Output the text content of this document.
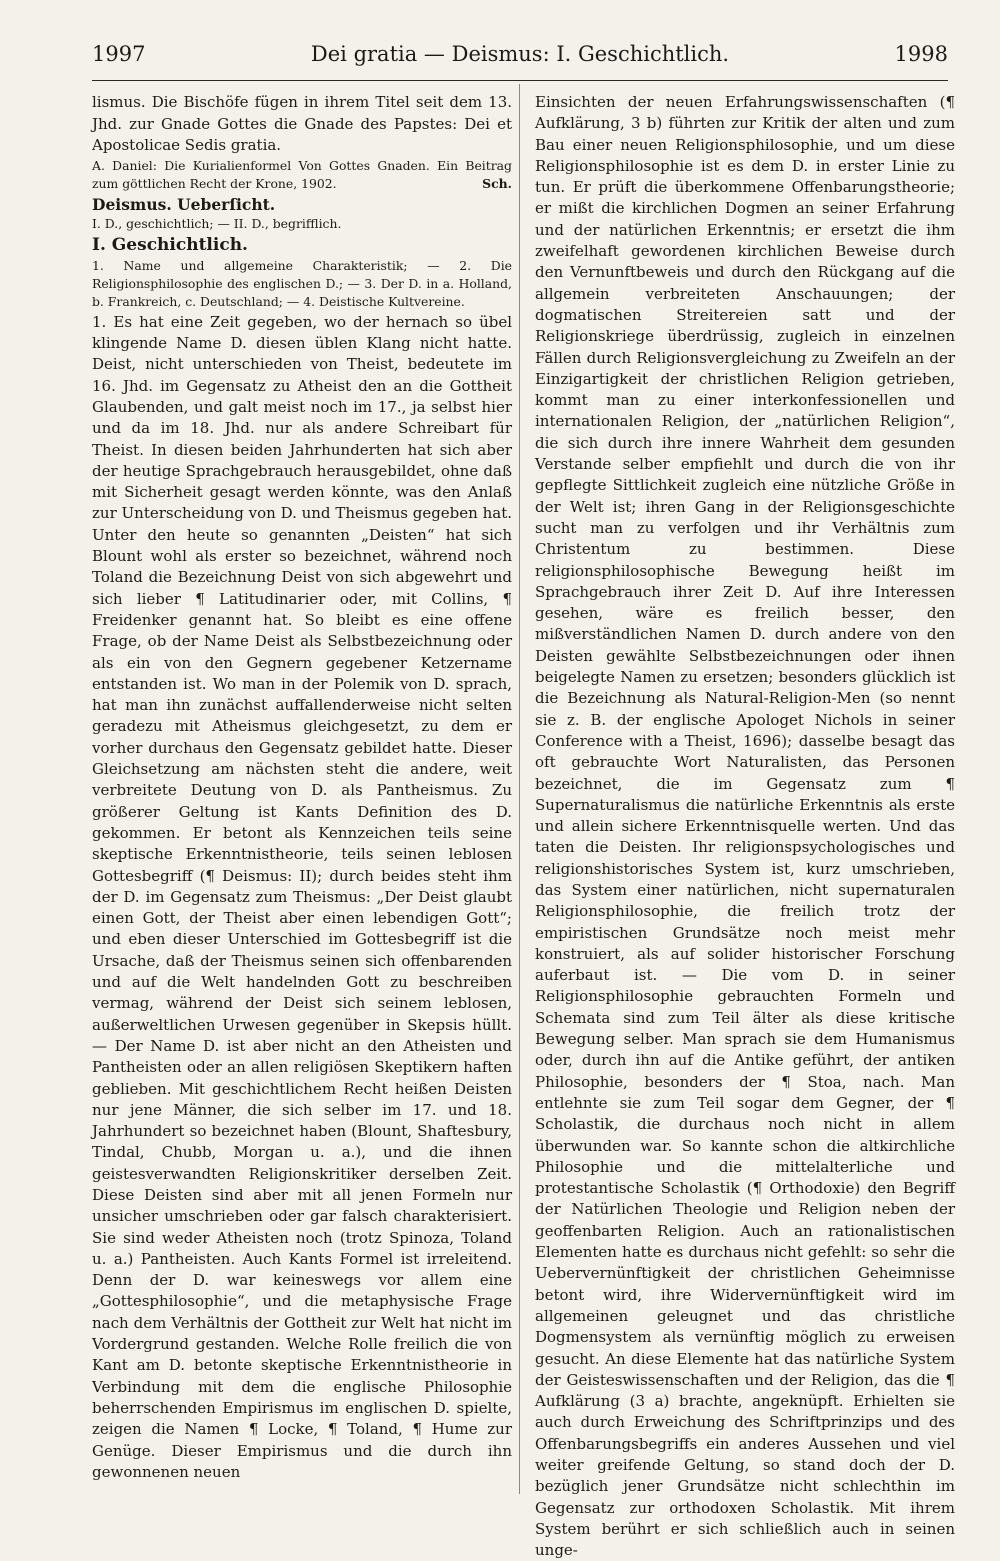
1997	Dei gratia — Deismus: I. Geschichtlich.	1998

lismus. Die Bischöfe fügen in ihrem Titel seit dem 13. Jhd. zur Gnade Gottes die Gnade des Papstes: Dei et Apostolicae Sedis gratia.

A. Daniel: Die Kurialienformel Von Gottes Gnaden. Ein Beitrag zum göttlichen Recht der Krone, 1902.	Sch.

Deismus. Ueberſicht.

I. D., geschichtlich; — II. D., begrifflich.

I. Geschichtlich.

1. Name und allgemeine Charakteristik; — 2. Die Religionsphilosophie des englischen D.; — 3. Der D. in a. Holland, b. Frankreich, c. Deutschland; — 4. Deistische Kultvereine.

1. Es hat eine Zeit gegeben, wo der hernach so übel klingende Name D. diesen üblen Klang nicht hatte. Deist, nicht unterschieden von Theist, bedeutete im 16. Jhd. im Gegensatz zu Atheist den an die Gottheit Glaubenden, und galt meist noch im 17., ja selbst hier und da im 18. Jhd. nur als andere Schreibart für Theist. In diesen beiden Jahrhunderten hat sich aber der heutige Sprachgebrauch herausgebildet, ohne daß mit Sicherheit gesagt werden könnte, was den Anlaß zur Unterscheidung von D. und Theismus gegeben hat. Unter den heute so genannten „Deisten“ hat sich Blount wohl als erster so bezeichnet, während noch Toland die Bezeichnung Deist von sich abgewehrt und sich lieber ¶ Latitudinarier oder, mit Collins, ¶ Freidenker genannt hat. So bleibt es eine offene Frage, ob der Name Deist als Selbstbezeichnung oder als ein von den Gegnern gegebener Ketzername entstanden ist. Wo man in der Polemik von D. sprach, hat man ihn zunächst auffallenderweise nicht selten geradezu mit Atheismus gleichgesetzt, zu dem er vorher durchaus den Gegensatz gebildet hatte. Dieser Gleichsetzung am nächsten steht die andere, weit verbreitete Deutung von D. als Pantheismus. Zu größerer Geltung ist Kants Definition des D. gekommen. Er betont als Kennzeichen teils seine skeptische Erkenntnistheorie, teils seinen leblosen Gottesbegriff (¶ Deismus: II); durch beides steht ihm der D. im Gegensatz zum Theismus: „Der Deist glaubt einen Gott, der Theist aber einen lebendigen Gott“; und eben dieser Unterschied im Gottesbegriff ist die Ursache, daß der Theismus seinen sich offenbarenden und auf die Welt handelnden Gott zu beschreiben vermag, während der Deist sich seinem leblosen, außerweltlichen Urwesen gegenüber in Skepsis hüllt. — Der Name D. ist aber nicht an den Atheisten und Pantheisten oder an allen religiösen Skeptikern haften geblieben. Mit geschichtlichem Recht heißen Deisten nur jene Männer, die sich selber im 17. und 18. Jahrhundert so bezeichnet haben (Blount, Shaftesbury, Tindal, Chubb, Morgan u. a.), und die ihnen geistesverwandten Religionskritiker derselben Zeit. Diese Deisten sind aber mit all jenen Formeln nur unsicher umschrieben oder gar falsch charakterisiert. Sie sind weder Atheisten noch (trotz Spinoza, Toland u. a.) Pantheisten. Auch Kants Formel ist irreleitend. Denn der D. war keineswegs vor allem eine „Gottesphilosophie“, und die metaphysische Frage nach dem Verhältnis der Gottheit zur Welt hat nicht im Vordergrund gestanden. Welche Rolle freilich die von Kant am D. betonte skeptische Erkenntnistheorie in Verbindung mit dem die englische Philosophie beherrschenden Empirismus im englischen D. spielte, zeigen die Namen ¶ Locke, ¶ Toland, ¶ Hume zur Genüge. Dieser Empirismus und die durch ihn gewonnenen neuen

Einsichten der neuen Erfahrungswissenschaften (¶ Aufklärung, 3 b) führten zur Kritik der alten und zum Bau einer neuen Religionsphilosophie, und um diese Religionsphilosophie ist es dem D. in erster Linie zu tun. Er prüft die überkommene Offenbarungstheorie; er mißt die kirchlichen Dogmen an seiner Erfahrung und der natürlichen Erkenntnis; er ersetzt die ihm zweifelhaft gewordenen kirchlichen Beweise durch den Vernunftbeweis und durch den Rückgang auf die allgemein verbreiteten Anschauungen; der dogmatischen Streitereien satt und der Religionskriege überdrüssig, zugleich in einzelnen Fällen durch Religionsvergleichung zu Zweifeln an der Einzigartigkeit der christlichen Religion getrieben, kommt man zu einer interkonfessionellen und internationalen Religion, der „natürlichen Religion“, die sich durch ihre innere Wahrheit dem gesunden Verstande selber empfiehlt und durch die von ihr gepflegte Sittlichkeit zugleich eine nützliche Größe in der Welt ist; ihren Gang in der Religionsgeschichte sucht man zu verfolgen und ihr Verhältnis zum Christentum zu bestimmen. Diese religionsphilosophische Bewegung heißt im Sprachgebrauch ihrer Zeit D. Auf ihre Interessen gesehen, wäre es freilich besser, den mißverständlichen Namen D. durch andere von den Deisten gewählte Selbstbezeichnungen oder ihnen beigelegte Namen zu ersetzen; besonders glücklich ist die Bezeichnung als Natural-Religion-Men (so nennt sie z. B. der englische Apologet Nichols in seiner Conference with a Theist, 1696); dasselbe besagt das oft gebrauchte Wort Naturalisten, das Personen bezeichnet, die im Gegensatz zum ¶ Supernaturalismus die natürliche Erkenntnis als erste und allein sichere Erkenntnisquelle werten. Und das taten die Deisten. Ihr religionspsychologisches und religionshistorisches System ist, kurz umschrieben, das System einer natürlichen, nicht supernaturalen Religionsphilosophie, die freilich trotz der empiristischen Grundsätze noch meist mehr konstruiert, als auf solider historischer Forschung auferbaut ist. — Die vom D. in seiner Religionsphilosophie gebrauchten Formeln und Schemata sind zum Teil älter als diese kritische Bewegung selber. Man sprach sie dem Humanismus oder, durch ihn auf die Antike geführt, der antiken Philosophie, besonders der ¶ Stoa, nach. Man entlehnte sie zum Teil sogar dem Gegner, der ¶ Scholastik, die durchaus noch nicht in allem überwunden war. So kannte schon die altkirchliche Philosophie und die mittelalterliche und protestantische Scholastik (¶ Orthodoxie) den Begriff der Natürlichen Theologie und Religion neben der geoffenbarten Religion. Auch an rationalistischen Elementen hatte es durchaus nicht gefehlt: so sehr die Uebervernünftigkeit der christlichen Geheimnisse betont wird, ihre Widervernünftigkeit wird im allgemeinen geleugnet und das christliche Dogmensystem als vernünftig möglich zu erweisen gesucht. An diese Elemente hat das natürliche System der Geisteswissenschaften und der Religion, das die ¶ Aufklärung (3 a) brachte, angeknüpft. Erhielten sie auch durch Erweichung des Schriftprinzips und des Offenbarungsbegriffs ein anderes Aussehen und viel weiter greifende Geltung, so stand doch der D. bezüglich jener Grundsätze nicht schlechthin im Gegensatz zur orthodoxen Scholastik. Mit ihrem System berührt er sich schließlich auch in seinen unge-
